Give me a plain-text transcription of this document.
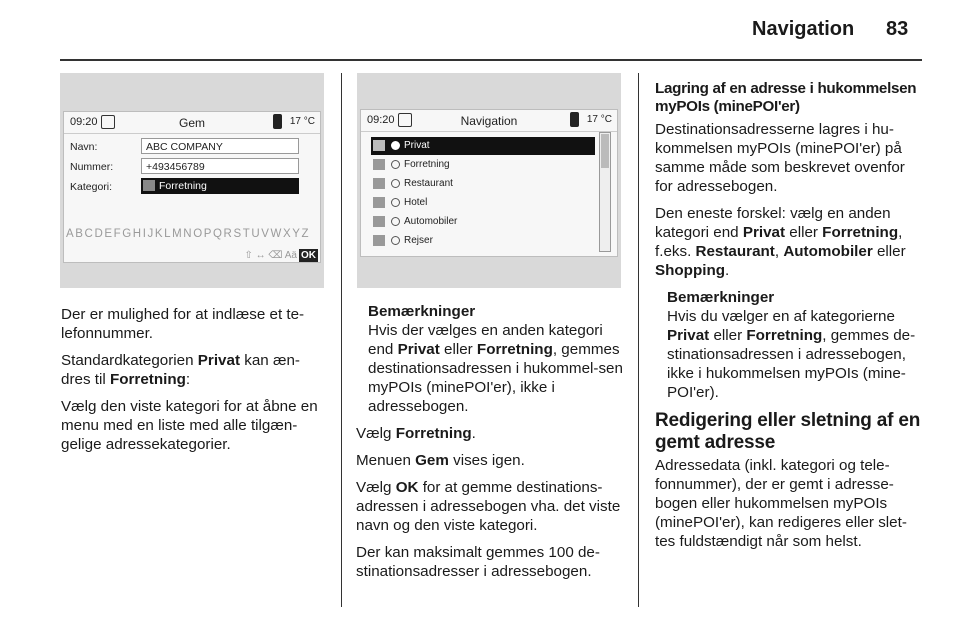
Navigation 83
09:20	Gem	17 °C
Navn:	ABC COMPANY
Nummer:	+493456789
Kategori:	Forretning
ABCDEFGHIJKLMNOPQRSTUVWXYZ
⇧ ↔ ⌫ Aä OK
09:20	Navigation	17 °C
Privat
Forretning
Restaurant
Hotel
Automobiler
Rejser

Der er mulighed for at indlæse et te-lefonnummer.

Standardkategorien Privat kan æn-dres til Forretning:

Vælg den viste kategori for at åbne en menu med en liste med alle tilgæn-gelige adressekategorier.

Bemærkninger

Hvis der vælges en anden kategori end Privat eller Forretning, gemmes destinationsadressen i hukommel-sen myPOIs (minePOI'er), ikke i adressebogen.

Vælg Forretning.

Menuen Gem vises igen.

Vælg OK for at gemme destinations-adressen i adressebogen vha. det viste navn og den viste kategori.

Der kan maksimalt gemmes 100 de-stinationsadresser i adressebogen.

Lagring af en adresse i hukommelsen myPOIs (minePOI'er)

Destinationsadresserne lagres i hu-kommelsen myPOIs (minePOI'er) på samme måde som beskrevet ovenfor for adressebogen.

Den eneste forskel: vælg en anden kategori end Privat eller Forretning, f.eks. Restaurant, Automobiler eller Shopping.

Bemærkninger

Hvis du vælger en af kategorierne Privat eller Forretning, gemmes de-stinationsadressen i adressebogen, ikke i hukommelsen myPOIs (mine-POI'er).

Redigering eller sletning af en gemt adresse

Adressedata (inkl. kategori og tele-fonnummer), der er gemt i adresse-bogen eller hukommelsen myPOIs (minePOI'er), kan redigeres eller slet-tes fuldstændigt når som helst.
